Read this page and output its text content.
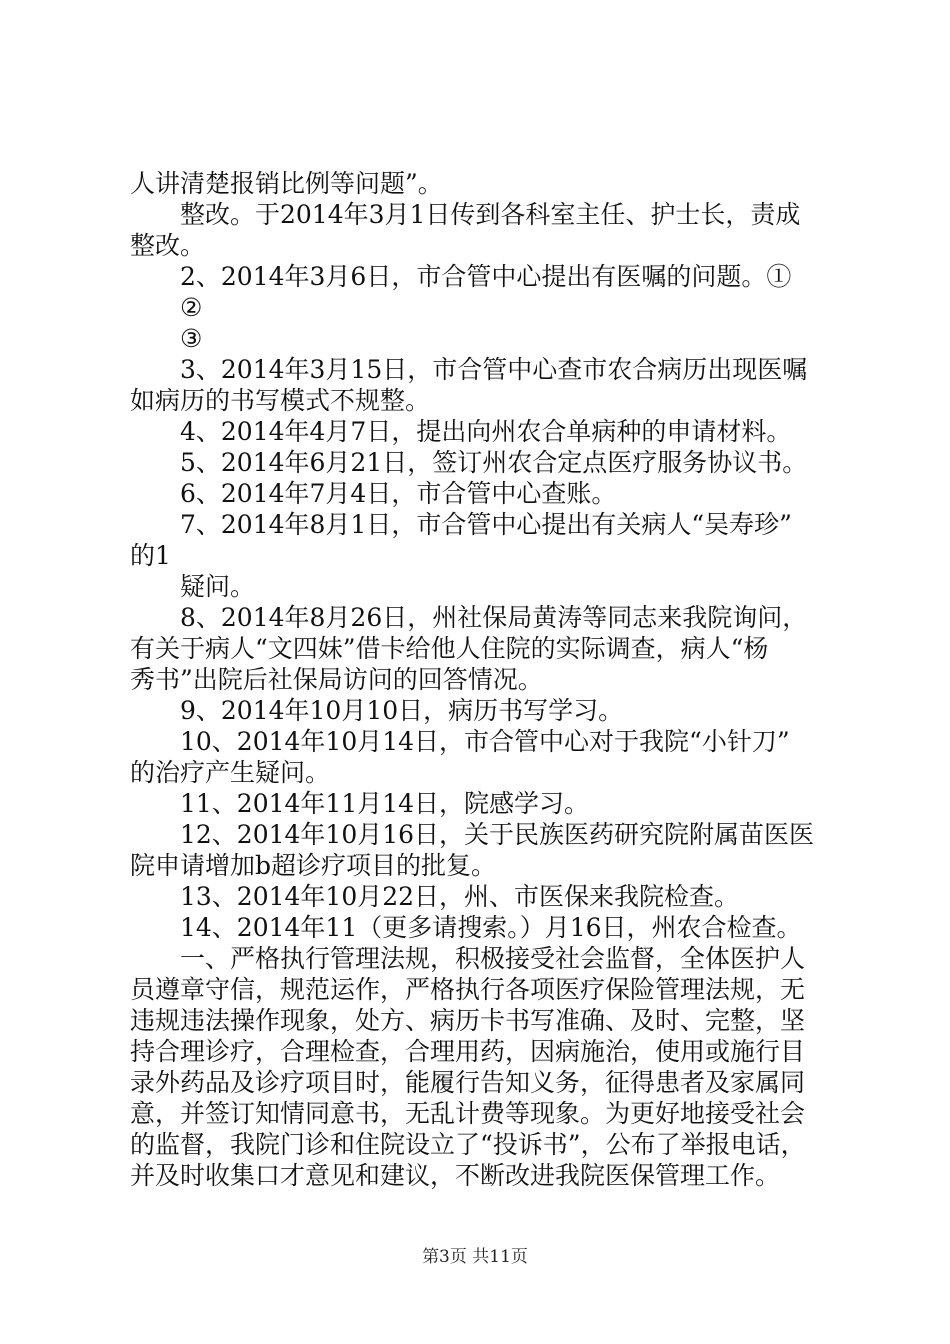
人讲清楚报销比例等问题”。
整改。于2014年3月1日传到各科室主任、护士长，责成
整改。
2、2014年3月6日，市合管中心提出有医嘱的问题。①
②
③
3、2014年3月15日，市合管中心查市农合病历出现医嘱
如病历的书写模式不规整。
4、2014年4月7日，提出向州农合单病种的申请材料。
5、2014年6月21日，签订州农合定点医疗服务协议书。
6、2014年7月4日，市合管中心查账。
7、2014年8月1日，市合管中心提出有关病人“吴寿珍”
的1
疑问。
8、2014年8月26日，州社保局黄涛等同志来我院询问，
有关于病人“文四妹”借卡给他人住院的实际调查，病人“杨
秀书”出院后社保局访问的回答情况。
9、2014年10月10日，病历书写学习。
10、2014年10月14日，市合管中心对于我院“小针刀”
的治疗产生疑问。
11、2014年11月14日，院感学习。
12、2014年10月16日，关于民族医药研究院附属苗医医
院申请增加b超诊疗项目的批复。
13、2014年10月22日，州、市医保来我院检查。
14、2014年11（更多请搜索。）月16日，州农合检查。
一、严格执行管理法规，积极接受社会监督，全体医护人
员遵章守信，规范运作，严格执行各项医疗保险管理法规，无
违规违法操作现象，处方、病历卡书写准确、及时、完整，坚
持合理诊疗，合理检查，合理用药，因病施治，使用或施行目
录外药品及诊疗项目时，能履行告知义务，征得患者及家属同
意，并签订知情同意书，无乱计费等现象。为更好地接受社会
的监督，我院门诊和住院设立了“投诉书”，公布了举报电话，
并及时收集口才意见和建议，不断改进我院医保管理工作。
第3页 共11页
